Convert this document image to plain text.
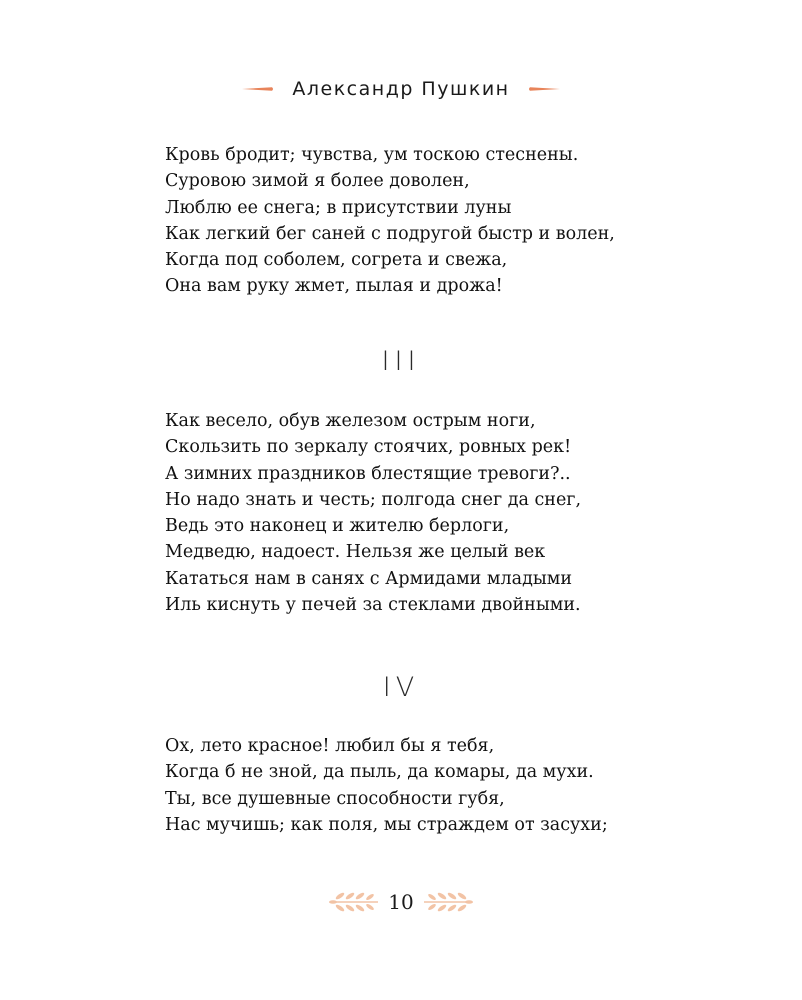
Александр Пушкин
Кровь бродит; чувства, ум тоскою стеснены.
Суровою зимой я более доволен,
Люблю ее снега; в присутствии луны
Как легкий бег саней с подругой быстр и волен,
Когда под соболем, согрета и свежа,
Она вам руку жмет, пылая и дрожа!
III
Как весело, обув железом острым ноги,
Скользить по зеркалу стоячих, ровных рек!
А зимних праздников блестящие тревоги?..
Но надо знать и честь; полгода снег да снег,
Ведь это наконец и жителю берлоги,
Медведю, надоест. Нельзя же целый век
Кататься нам в санях с Армидами младыми
Иль киснуть у печей за стеклами двойными.
IV
Ох, лето красное! любил бы я тебя,
Когда б не зной, да пыль, да комары, да мухи.
Ты, все душевные способности губя,
Нас мучишь; как поля, мы страждем от засухи;
10
